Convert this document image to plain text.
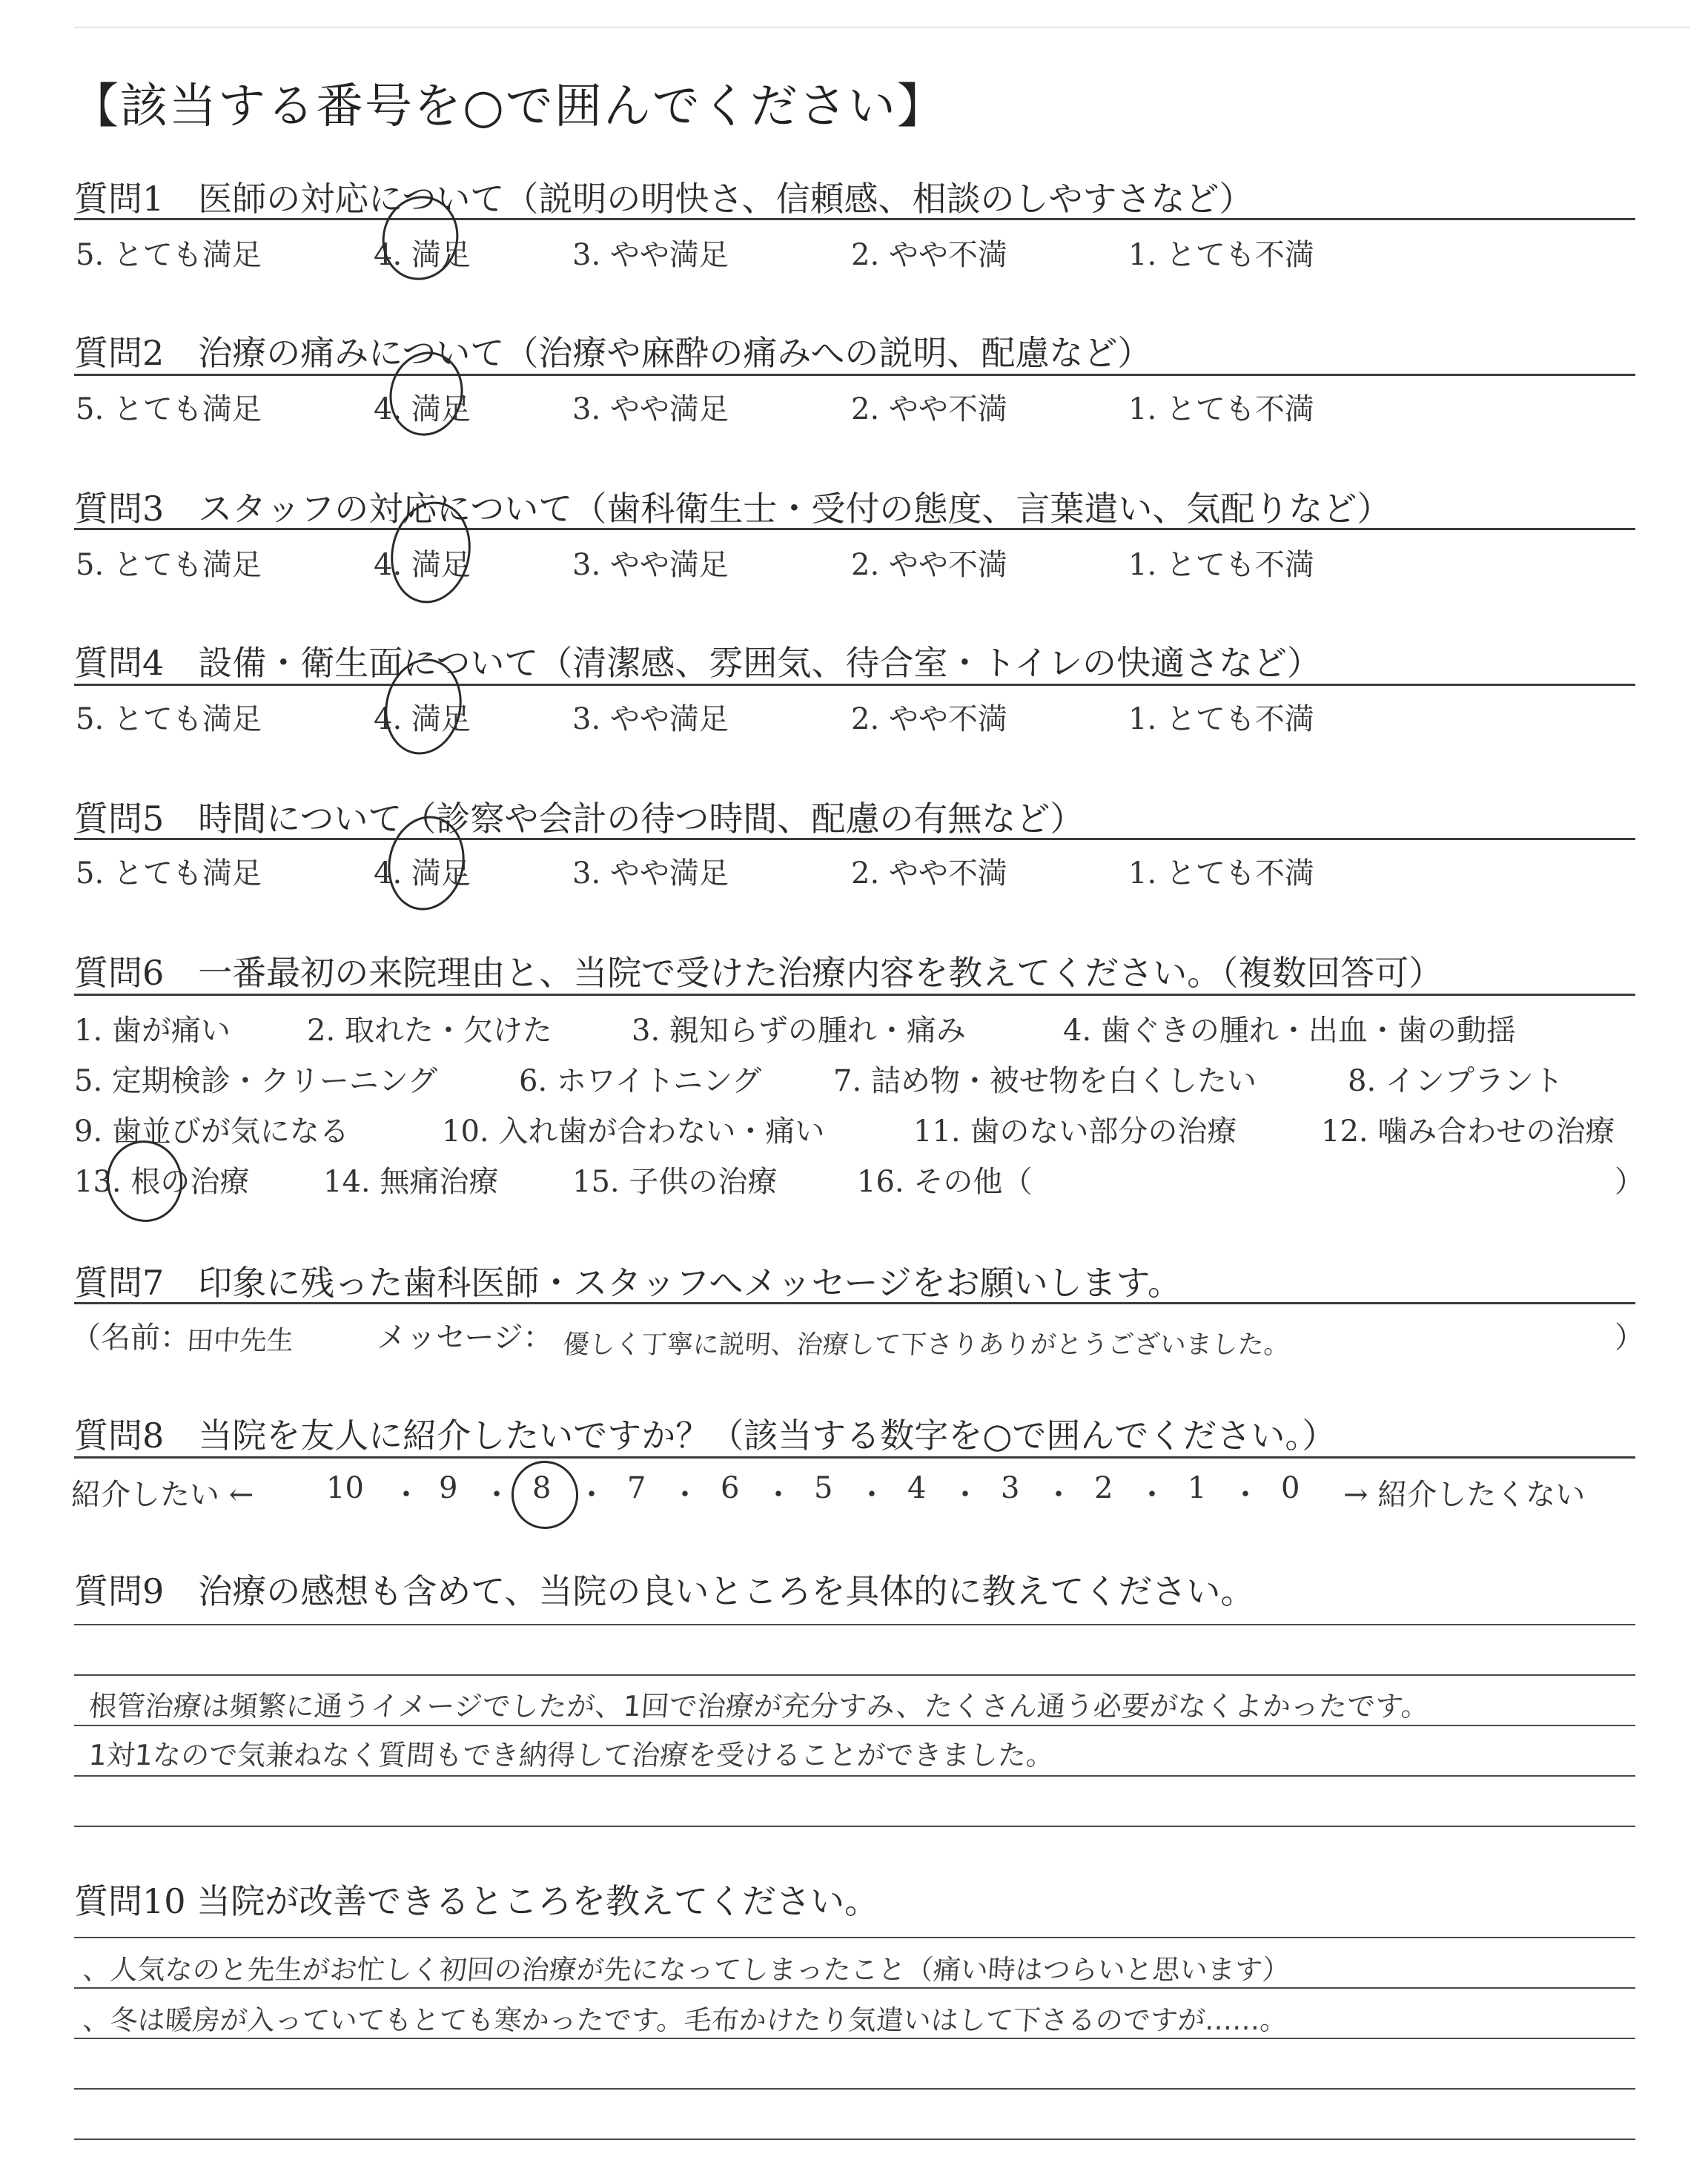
【該当する番号を○で囲んでください】
質問1　医師の対応について（説明の明快さ、信頼感、相談のしやすさなど）
5. とても満足	4. 満足	3. やや満足	2. やや不満	1. とても不満
質問2　治療の痛みについて（治療や麻酔の痛みへの説明、配慮など）
5. とても満足	4. 満足	3. やや満足	2. やや不満	1. とても不満
質問3　スタッフの対応について（歯科衛生士・受付の態度、言葉遣い、気配りなど）
5. とても満足	4. 満足	3. やや満足	2. やや不満	1. とても不満
質問4　設備・衛生面について（清潔感、雰囲気、待合室・トイレの快適さなど）
5. とても満足	4. 満足	3. やや満足	2. やや不満	1. とても不満
質問5　時間について（診察や会計の待つ時間、配慮の有無など）
5. とても満足	4. 満足	3. やや満足	2. やや不満	1. とても不満
質問6　一番最初の来院理由と、当院で受けた治療内容を教えてください。（複数回答可）
1. 歯が痛い	2. 取れた・欠けた	3. 親知らずの腫れ・痛み	4. 歯ぐきの腫れ・出血・歯の動揺
5. 定期検診・クリーニング	6. ホワイトニング 7. 詰め物・被せ物を白くしたい	8. インプラント
9. 歯並びが気になる	10. 入れ歯が合わない・痛い	11. 歯のない部分の治療	12. 噛み合わせの治療
13. 根の治療 14. 無痛治療 15. 子供の治療	16. その他（	）
質問7　印象に残った歯科医師・スタッフへメッセージをお願いします。
（名前：
田中先生	メッセージ： 優しく丁寧に説明、治療して下さりありがとうございました。	）
質問8　当院を友人に紹介したいですか？（該当する数字を○で囲んでください。）
紹介したい ←	→ 紹介したくない
10 ・ 9 ・ 8 ・ 7 ・ 6 ・ 5 ・ 4 ・ 3 ・ 2 ・ 1 ・ 0
質問9　治療の感想も含めて、当院の良いところを具体的に教えてください。
根管治療は頻繁に通うイメージでしたが、1回で治療が充分すみ、たくさん通う必要がなくよかったです。
1対1なので気兼ねなく質問もでき納得して治療を受けることができました。
質問10 当院が改善できるところを教えてください。
、人気なのと先生がお忙しく初回の治療が先になってしまったこと（痛い時はつらいと思います）
、冬は暖房が入っていてもとても寒かったです。毛布かけたり気遣いはして下さるのですが……。
